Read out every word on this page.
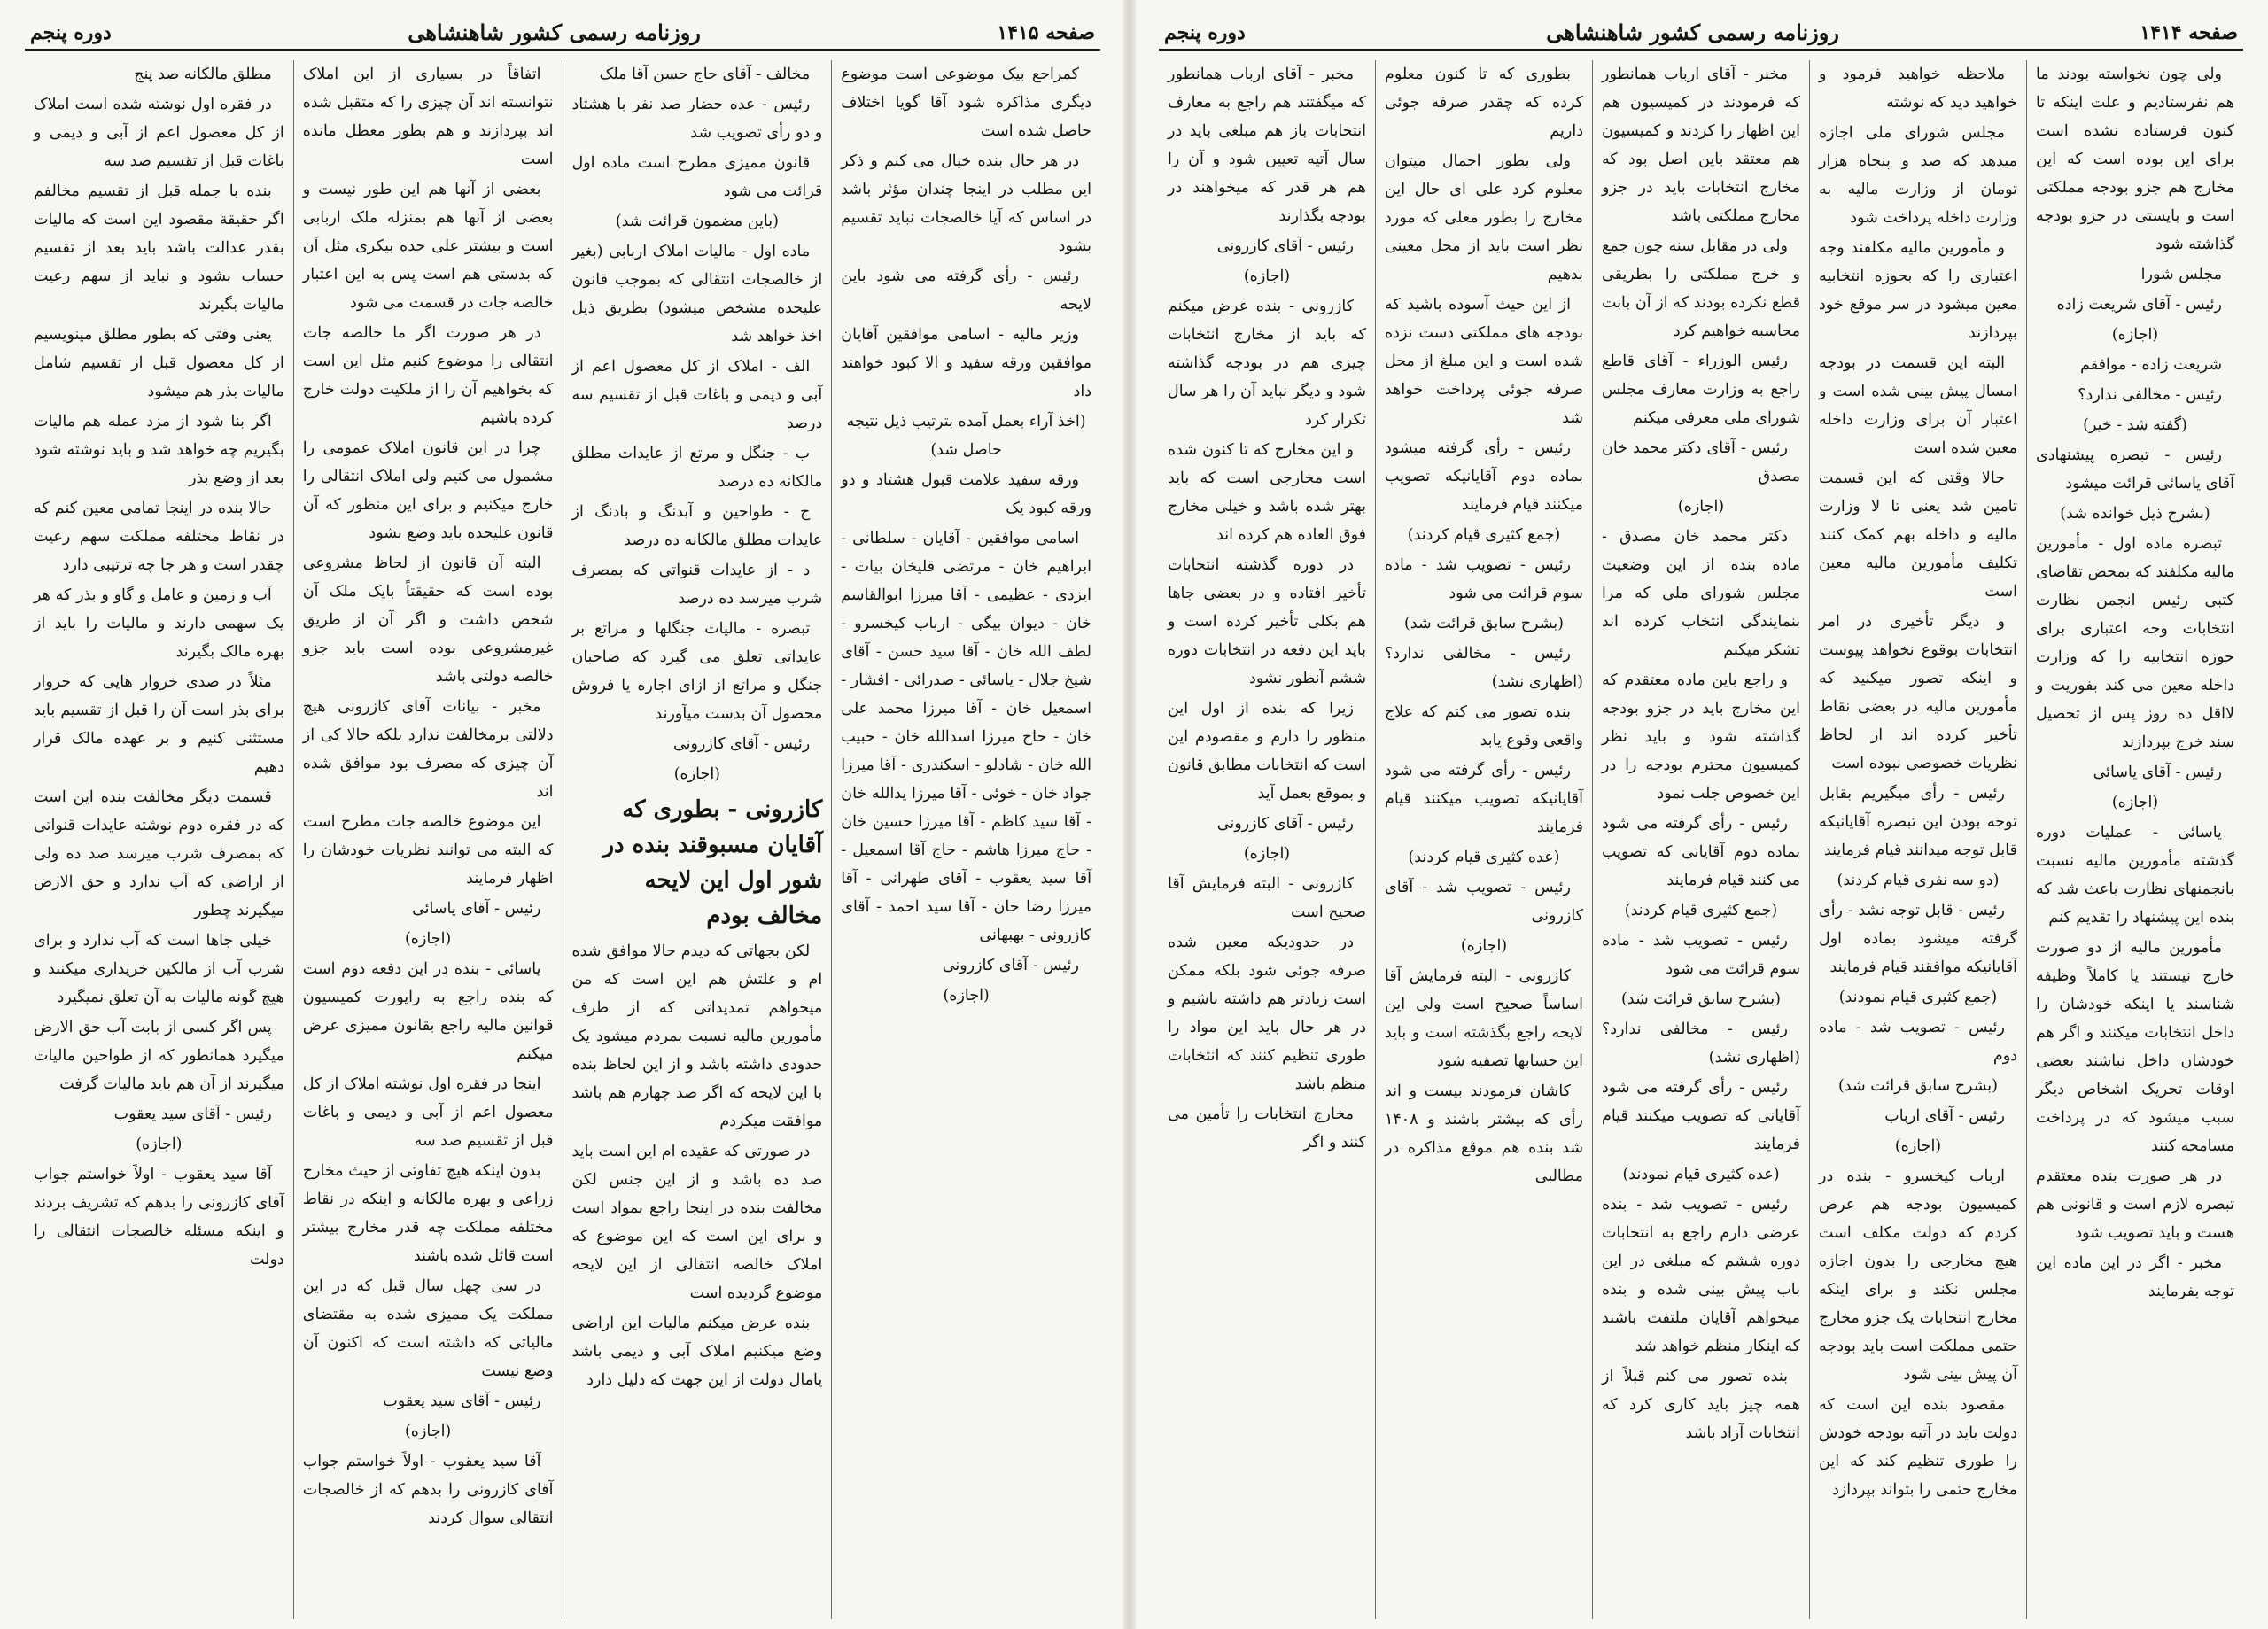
صفحه ۱۴۱۵
روزنامه رسمی کشور شاهنشاهی
دوره پنجم

کمراجع بیک موضوعی است موضوع دیگری مذاکره شود آقا گویا اختلاف حاصل شده است

در هر حال بنده خیال می کنم و ذکر این مطلب در اینجا چندان مؤثر باشد در اساس که آیا خالصجات نباید تقسیم بشود

رئیس - رأی گرفته می شود باین لایحه

وزیر مالیه - اسامی موافقین آقایان موافقین ورقه سفید و الا کبود خواهند داد

(اخذ آراء بعمل آمده بترتیب ذیل نتیجه حاصل شد)

ورقه سفید علامت قبول هشتاد و دو ورقه کبود یک

اسامی موافقین - آقایان - سلطانی - ابراهیم خان - مرتضی قلیخان بیات - ایزدی - عظیمی - آقا میرزا ابوالقاسم خان - دیوان بیگی - ارباب کیخسرو - لطف الله خان - آقا سید حسن - آقای شیخ جلال - یاسائی - صدرائی - افشار - اسمعیل خان - آقا میرزا محمد علی خان - حاج میرزا اسدالله خان - حبیب الله خان - شادلو - اسکندری - آقا میرزا جواد خان - خوئی - آقا میرزا یدالله خان - آقا سید کاظم - آقا میرزا حسین خان - حاج میرزا هاشم - حاج آقا اسمعیل - آقا سید یعقوب - آقای طهرانی - آقا میرزا رضا خان - آقا سید احمد - آقای کازرونی - بهبهانی

رئیس - آقای کازرونی

(اجازه)

مخالف - آقای حاج حسن آقا ملک

رئیس - عده حضار صد نفر با هشتاد و دو رأی تصویب شد

قانون ممیزی مطرح است ماده اول قرائت می شود

(باین مضمون قرائت شد)

ماده اول - مالیات املاک اربابی (بغیر از خالصجات انتقالی که بموجب قانون علیحده مشخص میشود) بطریق ذیل اخذ خواهد شد

الف - املاک از کل معصول اعم از آبی و دیمی و باغات قبل از تقسیم سه درصد

ب - جنگل و مرتع از عایدات مطلق مالکانه ده درصد

ج - طواحین و آبدنگ و بادنگ از عایدات مطلق مالکانه ده درصد

د - از عایدات قنواتی که بمصرف شرب میرسد ده درصد

تبصره - مالیات جنگلها و مراتع بر عایداتی تعلق می گیرد که صاحبان جنگل و مراتع از ازای اجاره یا فروش محصول آن بدست میآورند

رئیس - آقای کازرونی

(اجازه)

کازرونی - بطوری که آقایان مسبوقند بنده در شور اول این لایحه مخالف بودم

لکن بجهاتی که دیدم حالا موافق شده ام و علتش هم این است که من میخواهم تمدیداتی که از طرف مأمورین مالیه نسبت بمردم میشود یک حدودی داشته باشد و از این لحاظ بنده با این لایحه که اگر صد چهارم هم باشد موافقت میکردم

در صورتی که عقیده ام این است باید صد ده باشد و از این جنس لکن مخالفت بنده در اینجا راجع بمواد است و برای این است که این موضوع که املاک خالصه انتقالی از این لایحه موضوع گردیده است

بنده عرض میکنم مالیات این اراضی وضع میکنیم املاک آبی و دیمی باشد یامال دولت از این جهت که دلیل دارد

اتفاقاً در بسیاری از این املاک نتوانسته اند آن چیزی را که متقبل شده اند بپردازند و هم بطور معطل مانده است

بعضی از آنها هم این طور نیست و بعضی از آنها هم بمنزله ملک اربابی است و بیشتر علی حده بیکری مثل آن که بدستی هم است پس به این اعتبار خالصه جات در قسمت می شود

در هر صورت اگر ما خالصه جات انتقالی را موضوع کنیم مثل این است که بخواهیم آن را از ملکیت دولت خارج کرده باشیم

چرا در این قانون املاک عمومی را مشمول می کنیم ولی املاک انتقالی را خارج میکنیم و برای این منظور که آن قانون علیحده باید وضع بشود

البته آن قانون از لحاظ مشروعی بوده است که حقیقتاً بایک ملک آن شخص داشت و اگر آن از طریق غیرمشروعی بوده است باید جزو خالصه دولتی باشد

مخبر - بیانات آقای کازرونی هیچ دلالتی برمخالفت ندارد بلکه حالا کی از آن چیزی که مصرف بود موافق شده اند

این موضوع خالصه جات مطرح است که البته می توانند نظریات خودشان را اظهار فرمایند

رئیس - آقای یاسائی

(اجازه)

یاسائی - بنده در این دفعه دوم است که بنده راجع به راپورت کمیسیون قوانین مالیه راجع بقانون ممیزی عرض میکنم

اینجا در فقره اول نوشته املاک از کل معصول اعم از آبی و دیمی و باغات قبل از تقسیم صد سه

بدون اینکه هیچ تفاوتی از حیث مخارج زراعی و بهره مالکانه و اینکه در نقاط مختلفه مملکت چه قدر مخارج بیشتر است قائل شده باشند

در سی چهل سال قبل که در این مملکت یک ممیزی شده به مقتضای مالیاتی که داشته است که اکنون آن وضع نیست

رئیس - آقای سید یعقوب

(اجازه)

آقا سید یعقوب - اولاً خواستم جواب آقای کازرونی را بدهم که از خالصجات انتقالی سوال کردند

مطلق مالکانه صد پنج

در فقره اول نوشته شده است املاک از کل معصول اعم از آبی و دیمی و باغات قبل از تقسیم صد سه

بنده با جمله قبل از تقسیم مخالفم اگر حقیقة مقصود این است که مالیات بقدر عدالت باشد باید بعد از تقسیم حساب بشود و نباید از سهم رعیت مالیات بگیرند

یعنی وقتی که بطور مطلق مینویسیم از کل معصول قبل از تقسیم شامل مالیات بذر هم میشود

اگر بنا شود از مزد عمله هم مالیات بگیریم چه خواهد شد و باید نوشته شود بعد از وضع بذر

حالا بنده در اینجا تمامی معین کنم که در نقاط مختلفه مملکت سهم رعیت چقدر است و هر جا چه ترتیبی دارد

آب و زمین و عامل و گاو و بذر که هر یک سهمی دارند و مالیات را باید از بهره مالک بگیرند

مثلاً در صدی خروار هایی که خروار برای بذر است آن را قبل از تقسیم باید مستثنی کنیم و بر عهده مالک قرار دهیم

قسمت دیگر مخالفت بنده این است که در فقره دوم نوشته عایدات قنواتی که بمصرف شرب میرسد صد ده ولی از اراضی که آب ندارد و حق الارض میگیرند چطور

خیلی جاها است که آب ندارد و برای شرب آب از مالکین خریداری میکنند و هیچ گونه مالیات به آن تعلق نمیگیرد

پس اگر کسی از بابت آب حق الارض میگیرد همانطور که از طواحین مالیات میگیرند از آن هم باید مالیات گرفت

رئیس - آقای سید یعقوب

(اجازه)

آقا سید یعقوب - اولاً خواستم جواب آقای کازرونی را بدهم که تشریف بردند و اینکه مسئله خالصجات انتقالی را دولت

صفحه ۱۴۱۴
روزنامه رسمی کشور شاهنشاهی
دوره پنجم

ولی چون نخواسته بودند ما هم نفرستادیم و علت اینکه تا کنون فرستاده نشده است برای این بوده است که این مخارج هم جزو بودجه مملکتی است و بایستی در جزو بودجه گذاشته شود

مجلس شورا

رئیس - آقای شریعت زاده

(اجازه)

شریعت زاده - موافقم

رئیس - مخالفی ندارد؟

(گفته شد - خیر)

رئیس - تبصره پیشنهادی آقای یاسائی قرائت میشود

(بشرح ذیل خوانده شد)

تبصره ماده اول - مأمورین مالیه مکلفند که بمحض تقاضای کتبی رئیس انجمن نظارت انتخابات وجه اعتباری برای حوزه انتخابیه را که وزارت داخله معین می کند بفوریت و لااقل ده روز پس از تحصیل سند خرج بپردازند

رئیس - آقای یاسائی

(اجازه)

یاسائی - عملیات دوره گذشته مأمورین مالیه نسبت بانجمنهای نظارت باعث شد که بنده این پیشنهاد را تقدیم کنم

مأمورین مالیه از دو صورت خارج نیستند یا کاملاً وظیفه شناسند یا اینکه خودشان را داخل انتخابات میکنند و اگر هم خودشان داخل نباشند بعضی اوقات تحریک اشخاص دیگر سبب میشود که در پرداخت مسامحه کنند

در هر صورت بنده معتقدم تبصره لازم است و قانونی هم هست و باید تصویب شود

مخبر - اگر در این ماده این توجه بفرمایند

ملاحظه خواهید فرمود و خواهید دید که نوشته

مجلس شورای ملی اجازه میدهد که صد و پنجاه هزار تومان از وزارت مالیه به وزارت داخله پرداخت شود

و مأمورین مالیه مکلفند وجه اعتباری را که بحوزه انتخابیه معین میشود در سر موقع خود بپردازند

البته این قسمت در بودجه امسال پیش بینی شده است و اعتبار آن برای وزارت داخله معین شده است

حالا وقتی که این قسمت تامین شد یعنی تا لا وزارت مالیه و داخله بهم کمک کنند تکلیف مأمورین مالیه معین است

و دیگر تأخیری در امر انتخابات بوقوع نخواهد پیوست و اینکه تصور میکنید که مأمورین مالیه در بعضی نقاط تأخیر کرده اند از لحاظ نظریات خصوصی نبوده است

رئیس - رأی میگیریم بقابل توجه بودن این تبصره آقایانیکه قابل توجه میدانند قیام فرمایند

(دو سه نفری قیام کردند)

رئیس - قابل توجه نشد - رأی گرفته میشود بماده اول آقایانیکه موافقند قیام فرمایند

(جمع کثیری قیام نمودند)

رئیس - تصویب شد - ماده دوم

(بشرح سابق قرائت شد)

رئیس - آقای ارباب

(اجازه)

ارباب کیخسرو - بنده در کمیسیون بودجه هم عرض کردم که دولت مکلف است هیچ مخارجی را بدون اجازه مجلس نکند و برای اینکه مخارج انتخابات یک جزو مخارج حتمی مملکت است باید بودجه آن پیش بینی شود

مقصود بنده این است که دولت باید در آتیه بودجه خودش را طوری تنظیم کند که این مخارج حتمی را بتواند بپردازد

مخبر - آقای ارباب همانطور که فرمودند در کمیسیون هم این اظهار را کردند و کمیسیون هم معتقد باین اصل بود که مخارج انتخابات باید در جزو مخارج مملکتی باشد

ولی در مقابل سنه چون جمع و خرج مملکتی را بطریقی قطع نکرده بودند که از آن بابت محاسبه خواهیم کرد

رئیس الوزراء - آقای قاطع راجع به وزارت معارف مجلس شورای ملی معرفی میکنم

رئیس - آقای دکتر محمد خان مصدق

(اجازه)

دکتر محمد خان مصدق - ماده بنده از این وضعیت مجلس شورای ملی که مرا بنمایندگی انتخاب کرده اند تشکر میکنم

و راجع باین ماده معتقدم که این مخارج باید در جزو بودجه گذاشته شود و باید نظر کمیسیون محترم بودجه را در این خصوص جلب نمود

رئیس - رأی گرفته می شود بماده دوم آقایانی که تصویب می کنند قیام فرمایند

(جمع کثیری قیام کردند)

رئیس - تصویب شد - ماده سوم قرائت می شود

(بشرح سابق قرائت شد)

رئیس - مخالفی ندارد؟ (اظهاری نشد)

رئیس - رأی گرفته می شود آقایانی که تصویب میکنند قیام فرمایند

(عده کثیری قیام نمودند)

رئیس - تصویب شد - بنده عرضی دارم راجع به انتخابات دوره ششم که مبلغی در این باب پیش بینی شده و بنده میخواهم آقایان ملتفت باشند که اینکار منظم خواهد شد

بنده تصور می کنم قبلاً از همه چیز باید کاری کرد که انتخابات آزاد باشد

بطوری که تا کنون معلوم کرده که چقدر صرفه جوئی داریم

ولی بطور اجمال میتوان معلوم کرد علی ای حال این مخارج را بطور معلی که مورد نظر است باید از محل معینی بدهیم

از این حیث آسوده باشید که بودجه های مملکتی دست نزده شده است و این مبلغ از محل صرفه جوئی پرداخت خواهد شد

رئیس - رأی گرفته میشود بماده دوم آقایانیکه تصویب میکنند قیام فرمایند

(جمع کثیری قیام کردند)

رئیس - تصویب شد - ماده سوم قرائت می شود

(بشرح سابق قرائت شد)

رئیس - مخالفی ندارد؟ (اظهاری نشد)

بنده تصور می کنم که علاج واقعی وقوع یابد

رئیس - رأی گرفته می شود آقایانیکه تصویب میکنند قیام فرمایند

(عده کثیری قیام کردند)

رئیس - تصویب شد - آقای کازرونی

(اجازه)

کازرونی - البته فرمایش آقا اساساً صحیح است ولی این لایحه راجع بگذشته است و باید این حسابها تصفیه شود

کاشان فرمودند بیست و اند رأی که بیشتر باشند و ۱۴۰۸ شد بنده هم موقع مذاکره در مطالبی

مخبر - آقای ارباب همانطور که میگفتند هم راجع به معارف انتخابات باز هم مبلغی باید در سال آتیه تعیین شود و آن را هم هر قدر که میخواهند در بودجه بگذارند

رئیس - آقای کازرونی

(اجازه)

کازرونی - بنده عرض میکنم که باید از مخارج انتخابات چیزی هم در بودجه گذاشته شود و دیگر نباید آن را هر سال تکرار کرد

و این مخارج که تا کنون شده است مخارجی است که باید بهتر شده باشد و خیلی مخارج فوق العاده هم کرده اند

در دوره گذشته انتخابات تأخیر افتاده و در بعضی جاها هم بکلی تأخیر کرده است و باید این دفعه در انتخابات دوره ششم آنطور نشود

زیرا که بنده از اول این منظور را دارم و مقصودم این است که انتخابات مطابق قانون و بموقع بعمل آید

رئیس - آقای کازرونی

(اجازه)

کازرونی - البته فرمایش آقا صحیح است

در حدودیکه معین شده صرفه جوئی شود بلکه ممکن است زیادتر هم داشته باشیم و در هر حال باید این مواد را طوری تنظیم کنند که انتخابات منظم باشد

مخارج انتخابات را تأمین می کنند و اگر
